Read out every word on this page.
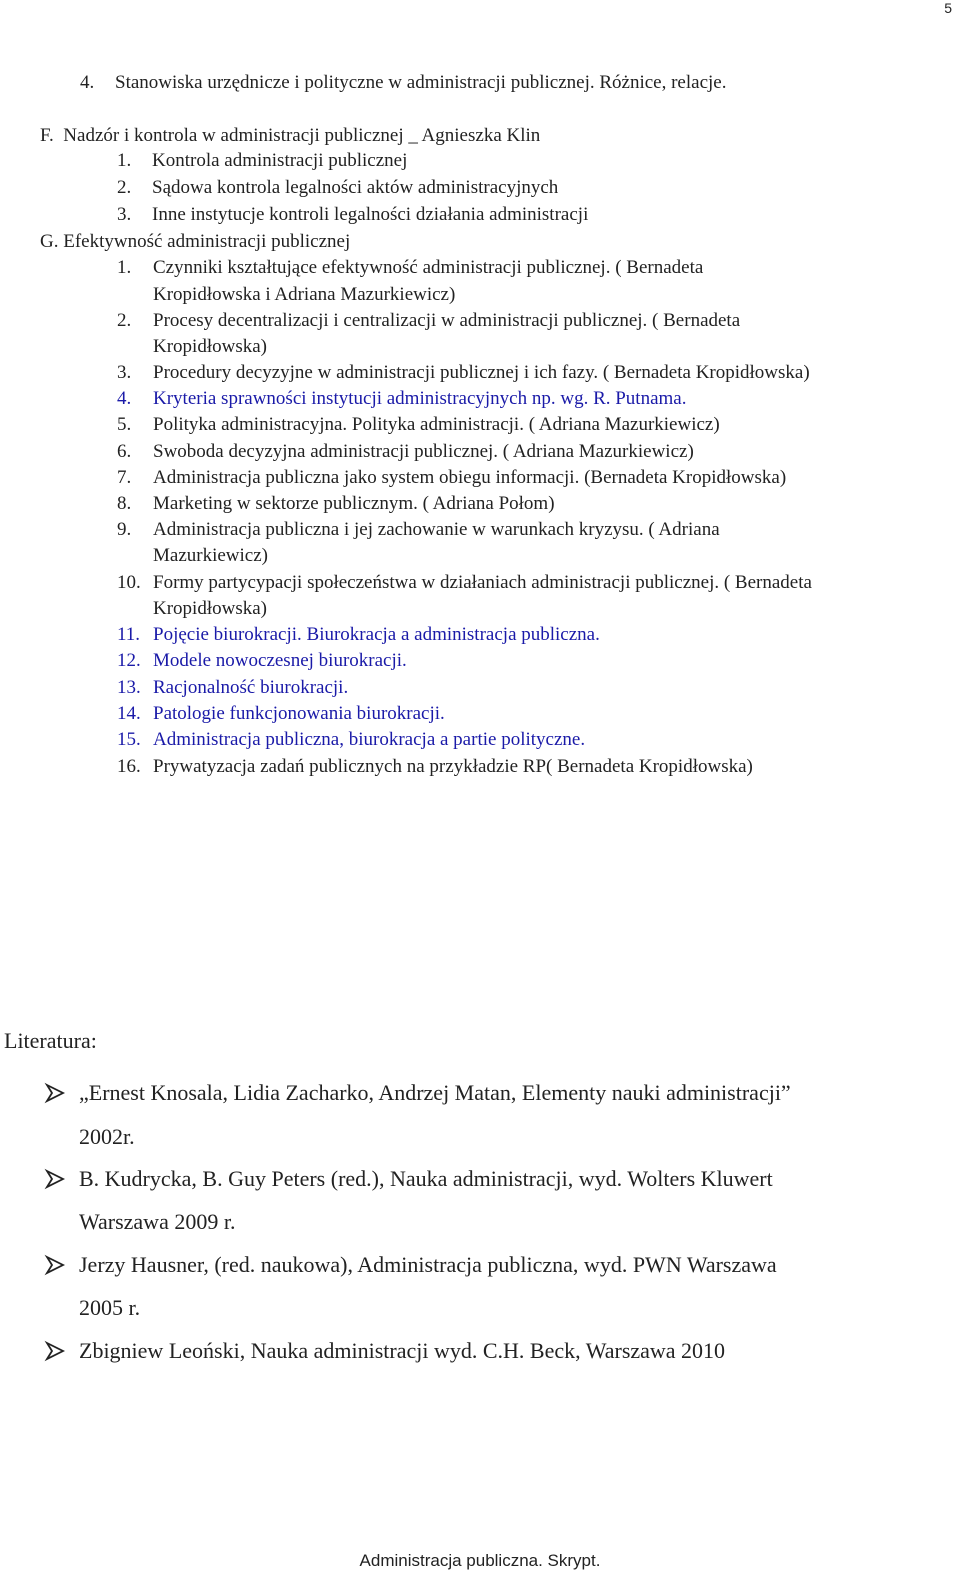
5
4. Stanowiska urzędnicze i polityczne w administracji publicznej. Różnice, relacje.
F.  Nadzór i kontrola w administracji publicznej _ Agnieszka Klin
1. Kontrola administracji publicznej
2. Sądowa kontrola legalności aktów administracyjnych
3. Inne instytucje kontroli legalności działania administracji
G. Efektywność administracji publicznej
1. Czynniki kształtujące efektywność administracji publicznej. ( Bernadeta
Kropidłowska i Adriana Mazurkiewicz)
2. Procesy decentralizacji i centralizacji w administracji publicznej. ( Bernadeta
Kropidłowska)
3. Procedury decyzyjne w administracji publicznej i ich fazy. ( Bernadeta Kropidłowska)
4. Kryteria sprawności instytucji administracyjnych np. wg. R. Putnama.
5. Polityka administracyjna. Polityka administracji. ( Adriana Mazurkiewicz)
6. Swoboda decyzyjna administracji publicznej. ( Adriana Mazurkiewicz)
7. Administracja publiczna jako system obiegu informacji. (Bernadeta Kropidłowska)
8. Marketing w sektorze publicznym. ( Adriana Połom)
9. Administracja publiczna i jej zachowanie w warunkach kryzysu. ( Adriana
Mazurkiewicz)
10. Formy partycypacji społeczeństwa w działaniach administracji publicznej. ( Bernadeta
Kropidłowska)
11. Pojęcie biurokracji. Biurokracja a administracja publiczna.
12. Modele nowoczesnej biurokracji.
13. Racjonalność biurokracji.
14. Patologie funkcjonowania biurokracji.
15. Administracja publiczna, biurokracja a partie polityczne.
16. Prywatyzacja zadań publicznych na przykładzie RP( Bernadeta Kropidłowska)
Literatura:
„Ernest Knosala, Lidia Zacharko, Andrzej Matan, Elementy nauki administracji”
2002r.
B. Kudrycka, B. Guy Peters (red.), Nauka administracji, wyd. Wolters Kluwert
Warszawa 2009 r.
Jerzy Hausner, (red. naukowa), Administracja publiczna, wyd. PWN Warszawa
2005 r.
Zbigniew Leoński, Nauka administracji wyd. C.H. Beck, Warszawa 2010
Administracja publiczna. Skrypt.
